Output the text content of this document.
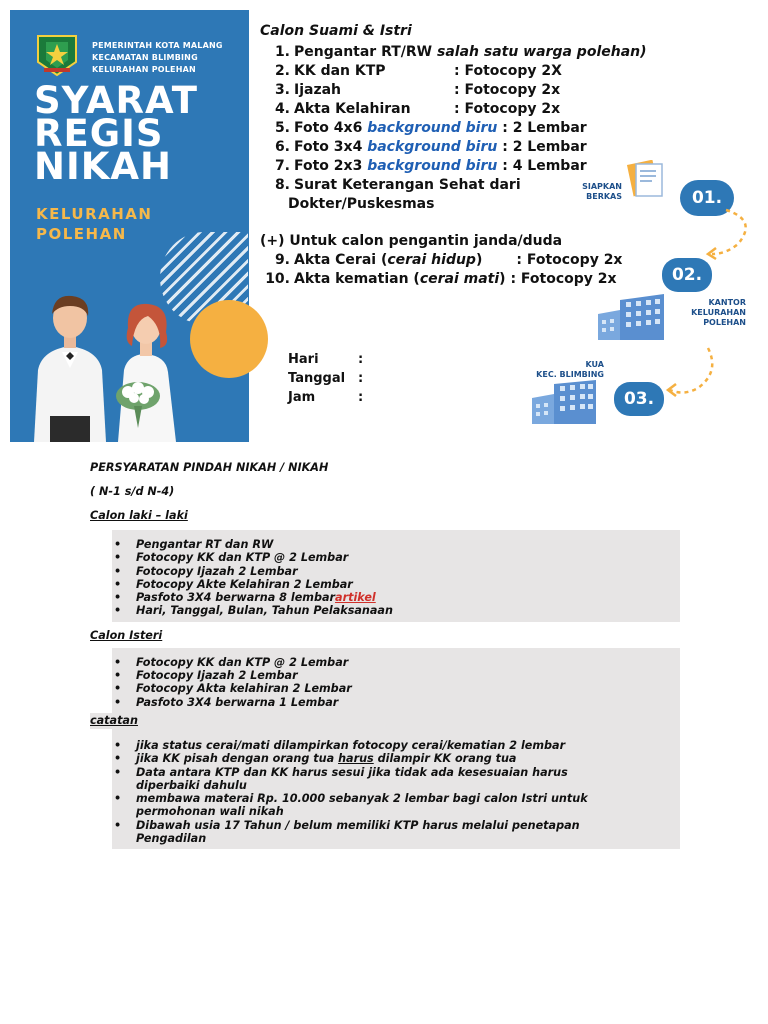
PEMERINTAH KOTA MALANG
KECAMATAN BLIMBING
KELURAHAN POLEHAN
SYARAT
REGIS
NIKAH
KELURAHAN
POLEHAN
Calon Suami & Istri
1. Pengantar RT/RW salah satu warga polehan)
2. KK dan KTP	: Fotocopy 2X
3. Ijazah	: Fotocopy 2x
4. Akta Kelahiran	: Fotocopy 2x
5. Foto 4x6 background biru : 2 Lembar
6. Foto 3x4 background biru : 2 Lembar
7. Foto 2x3 background biru : 4 Lembar
8. Surat Keterangan Sehat dari
Dokter/Puskesmas
(+) Untuk calon pengantin janda/duda
9. Akta Cerai (cerai hidup) : Fotocopy 2x
10. Akta kematian (cerai mati) : Fotocopy 2x
Hari	:
Tanggal :
Jam	:
SIAPKAN
BERKAS	01.
02.
KANTOR
KELURAHAN
POLEHAN
KUA
KEC. BLIMBING
03.
PERSYARATAN PINDAH NIKAH / NIKAH
( N-1 s/d N-4)
Calon laki – laki
• Pengantar RT dan RW
• Fotocopy KK dan KTP @ 2 Lembar
• Fotocopy Ijazah 2 Lembar
• Fotocopy Akte Kelahiran 2 Lembar
• Pasfoto 3X4 berwarna 8 lembarartikel
• Hari, Tanggal, Bulan, Tahun Pelaksanaan
Calon Isteri
• Fotocopy KK dan KTP @ 2 Lembar
• Fotocopy Ijazah 2 Lembar
• Fotocopy Akta kelahiran 2 Lembar
• Pasfoto 3X4 berwarna 1 Lembar
catatan
• jika status cerai/mati dilampirkan fotocopy cerai/kematian 2 lembar
• jika KK pisah dengan orang tua harus dilampir KK orang tua
• Data antara KTP dan KK harus sesui jika tidak ada kesesuaian harus diperbaiki dahulu
• membawa materai Rp. 10.000 sebanyak 2 lembar bagi calon Istri untuk permohonan wali nikah
• Dibawah usia 17 Tahun / belum memiliki KTP harus melalui penetapan Pengadilan
